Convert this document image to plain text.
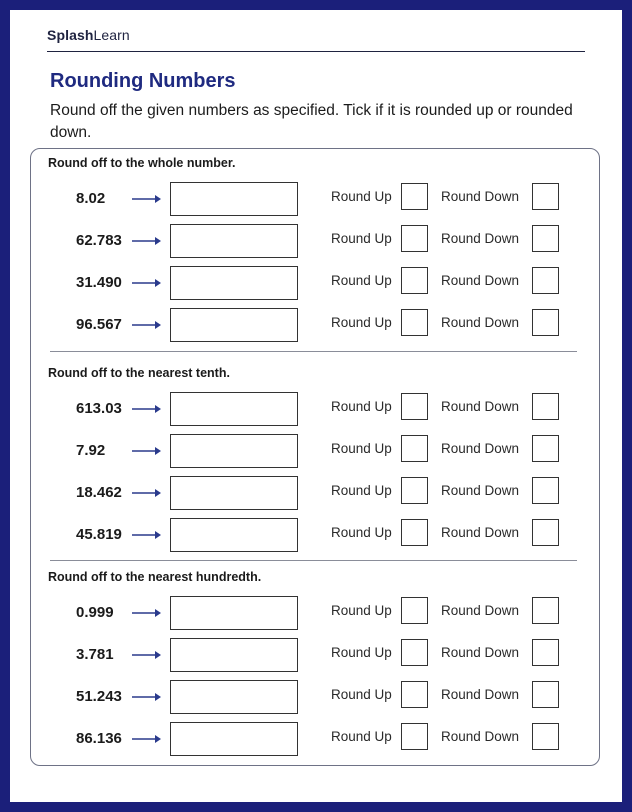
SplashLearn
Rounding Numbers
Round off the given numbers as specified. Tick if it is rounded up or rounded down.
Round off to the whole number.
Round off to the nearest tenth.
Round off to the nearest hundredth.
8.02	Round Up	Round Down
62.783	Round Up	Round Down
31.490	Round Up	Round Down
96.567	Round Up	Round Down
613.03	Round Up	Round Down
7.92	Round Up	Round Down
18.462	Round Up	Round Down
45.819	Round Up	Round Down
0.999	Round Up	Round Down
3.781	Round Up	Round Down
51.243	Round Up	Round Down
86.136	Round Up	Round Down
